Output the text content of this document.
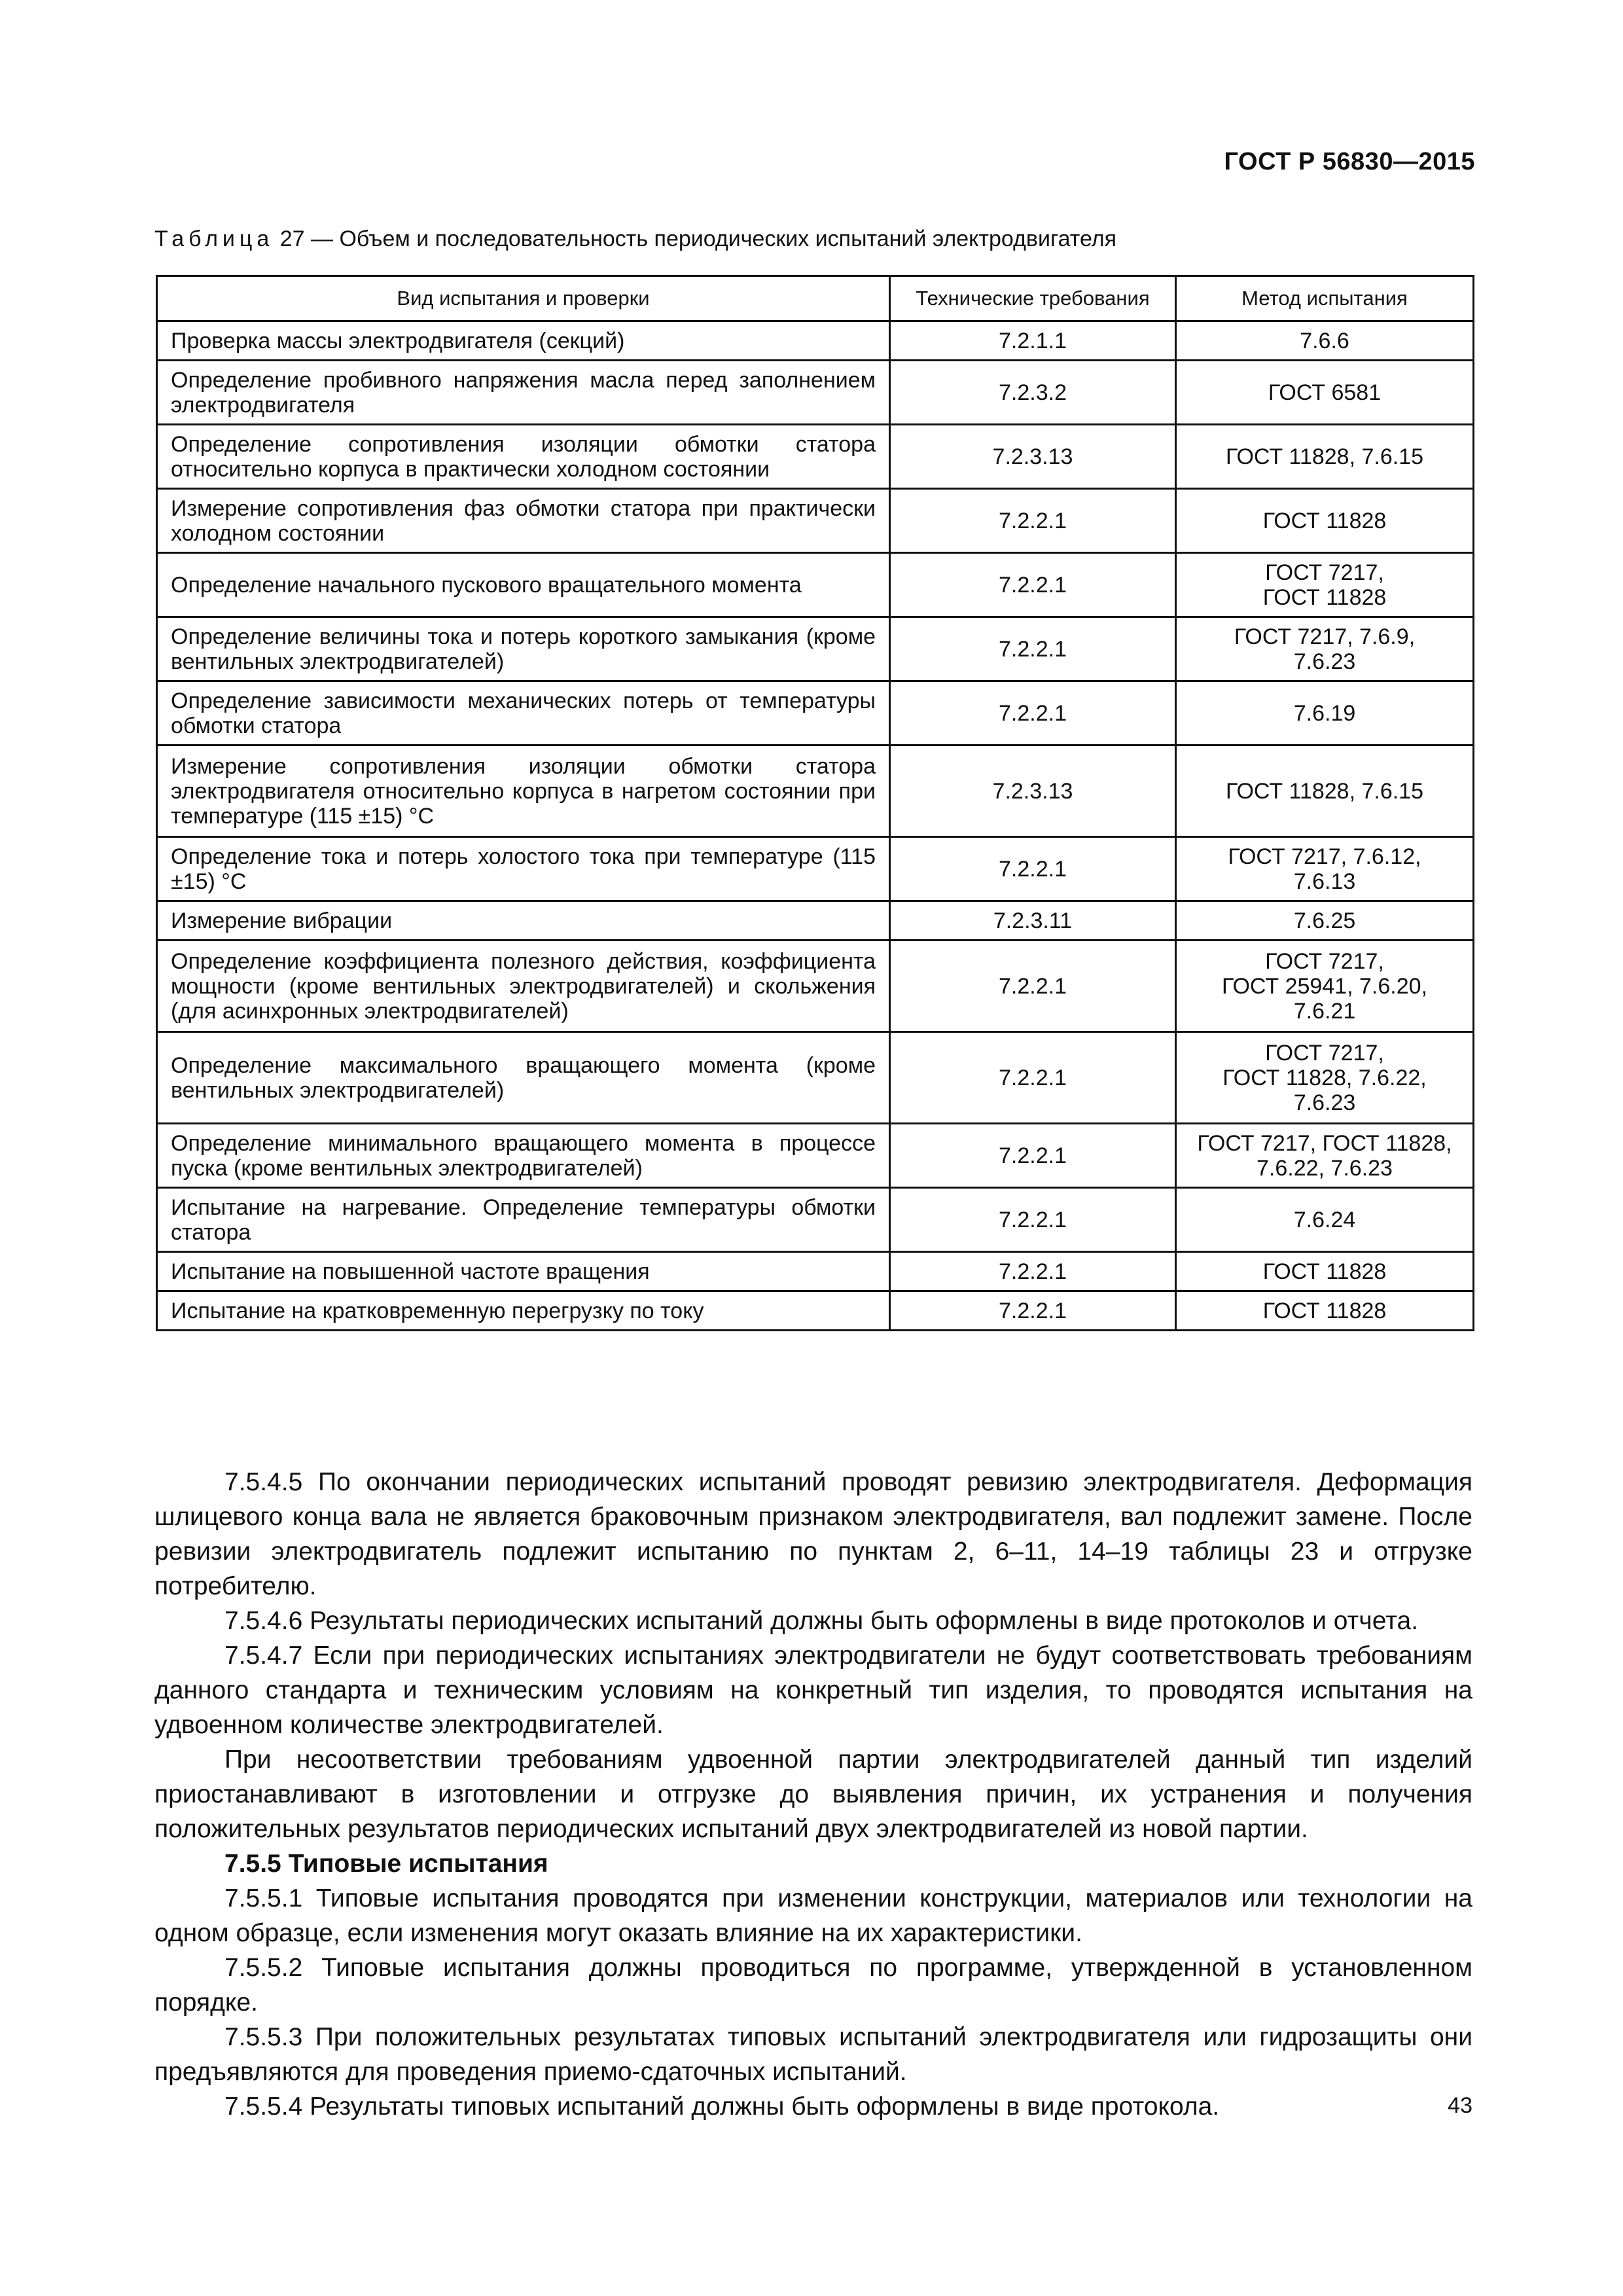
ГОСТ Р 56830—2015
Таблица 27 — Объем и последовательность периодических испытаний электродвигателя
Вид испытания и проверки	Технические требования	Метод испытания
Проверка массы электродвигателя (секций)	7.2.1.1	7.6.6
Определение пробивного напряжения масла перед заполнением электродвигателя	7.2.3.2	ГОСТ 6581
Определение сопротивления изоляции обмотки статора относительно корпуса в практически холодном состоянии	7.2.3.13	ГОСТ 11828, 7.6.15
Измерение сопротивления фаз обмотки статора при практически холодном состоянии	7.2.2.1	ГОСТ 11828
Определение начального пускового вращательного момента	7.2.2.1	ГОСТ 7217,
ГОСТ 11828
Определение величины тока и потерь короткого замыкания (кроме вентильных электродвигателей)	7.2.2.1	ГОСТ 7217, 7.6.9,
7.6.23
Определение зависимости механических потерь от температуры обмотки статора	7.2.2.1	7.6.19
Измерение сопротивления изоляции обмотки статора электродвигателя относительно корпуса в нагретом состоянии при температуре (115 ±15) °С	7.2.3.13	ГОСТ 11828, 7.6.15
Определение тока и потерь холостого тока при температуре (115 ±15) °С	7.2.2.1	ГОСТ 7217, 7.6.12,
7.6.13
Измерение вибрации	7.2.3.11	7.6.25
Определение коэффициента полезного действия, коэффициента мощности (кроме вентильных электродвигателей) и скольжения (для асинхронных электродвигателей)	7.2.2.1	ГОСТ 7217,
ГОСТ 25941, 7.6.20,
7.6.21
Определение максимального вращающего момента (кроме вентильных электродвигателей)	7.2.2.1	ГОСТ 7217,
ГОСТ 11828, 7.6.22,
7.6.23
Определение минимального вращающего момента в процессе пуска (кроме вентильных электродвигателей)	7.2.2.1	ГОСТ 7217, ГОСТ 11828,
7.6.22, 7.6.23
Испытание на нагревание. Определение температуры обмотки статора	7.2.2.1	7.6.24
Испытание на повышенной частоте вращения	7.2.2.1	ГОСТ 11828
Испытание на кратковременную перегрузку по току	7.2.2.1	ГОСТ 11828

7.5.4.5 По окончании периодических испытаний проводят ревизию электродвигателя. Деформация шлицевого конца вала не является браковочным признаком электродвигателя, вал подлежит замене. После ревизии электродвигатель подлежит испытанию по пунктам 2, 6–11, 14–19 таблицы 23 и отгрузке потребителю.

7.5.4.6 Результаты периодических испытаний должны быть оформлены в виде протоколов и отчета.

7.5.4.7 Если при периодических испытаниях электродвигатели не будут соответствовать требованиям данного стандарта и техническим условиям на конкретный тип изделия, то проводятся испытания на удвоенном количестве электродвигателей.

При несоответствии требованиям удвоенной партии электродвигателей данный тип изделий приостанавливают в изготовлении и отгрузке до выявления причин, их устранения и получения положительных результатов периодических испытаний двух электродвигателей из новой партии.

7.5.5 Типовые испытания

7.5.5.1 Типовые испытания проводятся при изменении конструкции, материалов или технологии на одном образце, если изменения могут оказать влияние на их характеристики.

7.5.5.2 Типовые испытания должны проводиться по программе, утвержденной в установленном порядке.

7.5.5.3 При положительных результатах типовых испытаний электродвигателя или гидрозащиты они предъявляются для проведения приемо-сдаточных испытаний.

7.5.5.4 Результаты типовых испытаний должны быть оформлены в виде протокола.	43
